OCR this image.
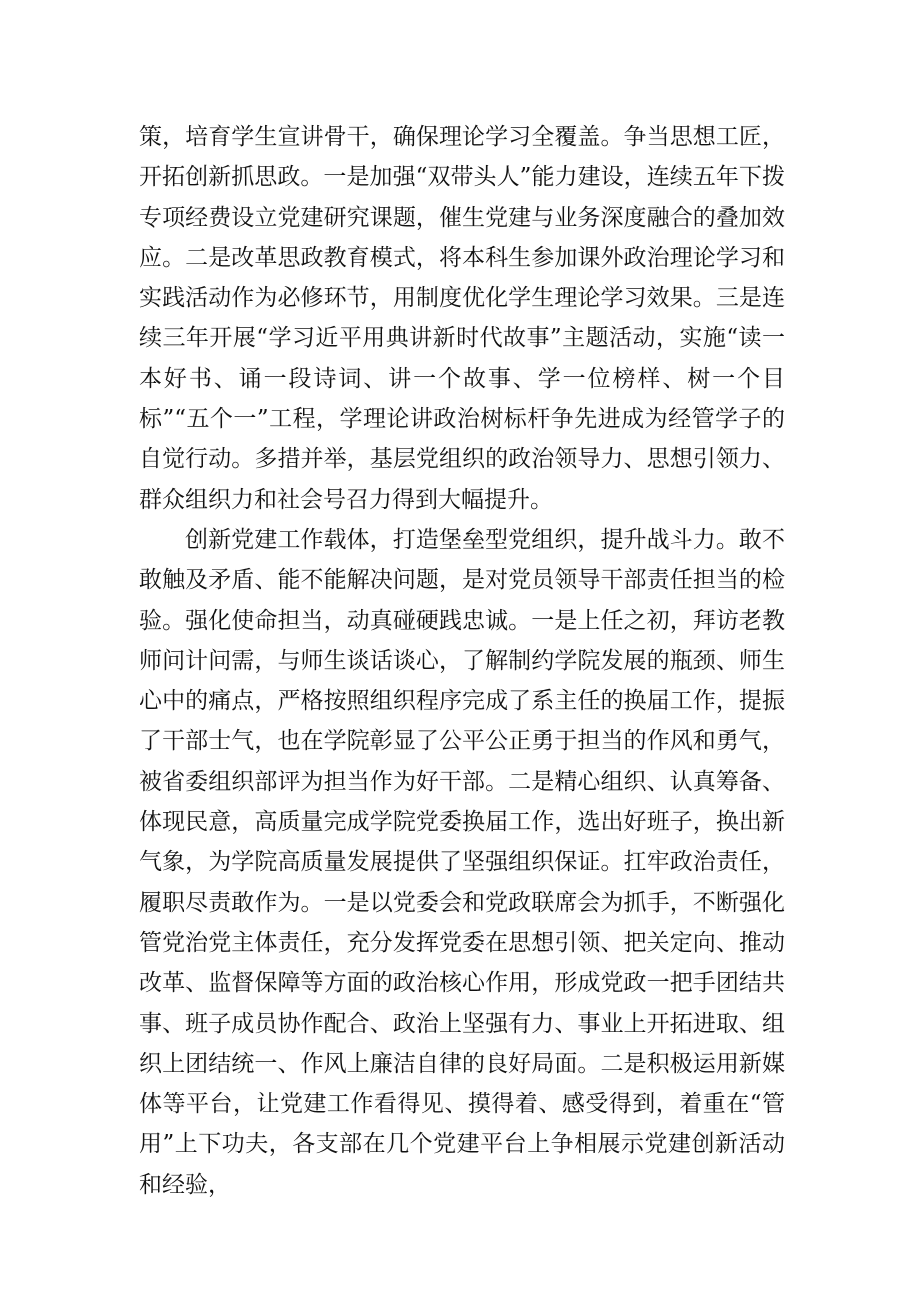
策，培育学生宣讲骨干，确保理论学习全覆盖。争当思想工匠，开拓创新抓思政。一是加强“双带头人”能力建设，连续五年下拨专项经费设立党建研究课题，催生党建与业务深度融合的叠加效应。二是改革思政教育模式，将本科生参加课外政治理论学习和实践活动作为必修环节，用制度优化学生理论学习效果。三是连续三年开展“学习近平用典讲新时代故事”主题活动，实施“读一本好书、诵一段诗词、讲一个故事、学一位榜样、树一个目标”“五个一”工程，学理论讲政治树标杆争先进成为经管学子的自觉行动。多措并举，基层党组织的政治领导力、思想引领力、群众组织力和社会号召力得到大幅提升。

创新党建工作载体，打造堡垒型党组织，提升战斗力。敢不敢触及矛盾、能不能解决问题，是对党员领导干部责任担当的检验。强化使命担当，动真碰硬践忠诚。一是上任之初，拜访老教师问计问需，与师生谈话谈心，了解制约学院发展的瓶颈、师生心中的痛点，严格按照组织程序完成了系主任的换届工作，提振了干部士气，也在学院彰显了公平公正勇于担当的作风和勇气，被省委组织部评为担当作为好干部。二是精心组织、认真筹备、体现民意，高质量完成学院党委换届工作，选出好班子，换出新气象，为学院高质量发展提供了坚强组织保证。扛牢政治责任，履职尽责敢作为。一是以党委会和党政联席会为抓手，不断强化管党治党主体责任，充分发挥党委在思想引领、把关定向、推动改革、监督保障等方面的政治核心作用，形成党政一把手团结共事、班子成员协作配合、政治上坚强有力、事业上开拓进取、组织上团结统一、作风上廉洁自律的良好局面。二是积极运用新媒体等平台，让党建工作看得见、摸得着、感受得到，着重在“管用”上下功夫，各支部在几个党建平台上争相展示党建创新活动和经验，
